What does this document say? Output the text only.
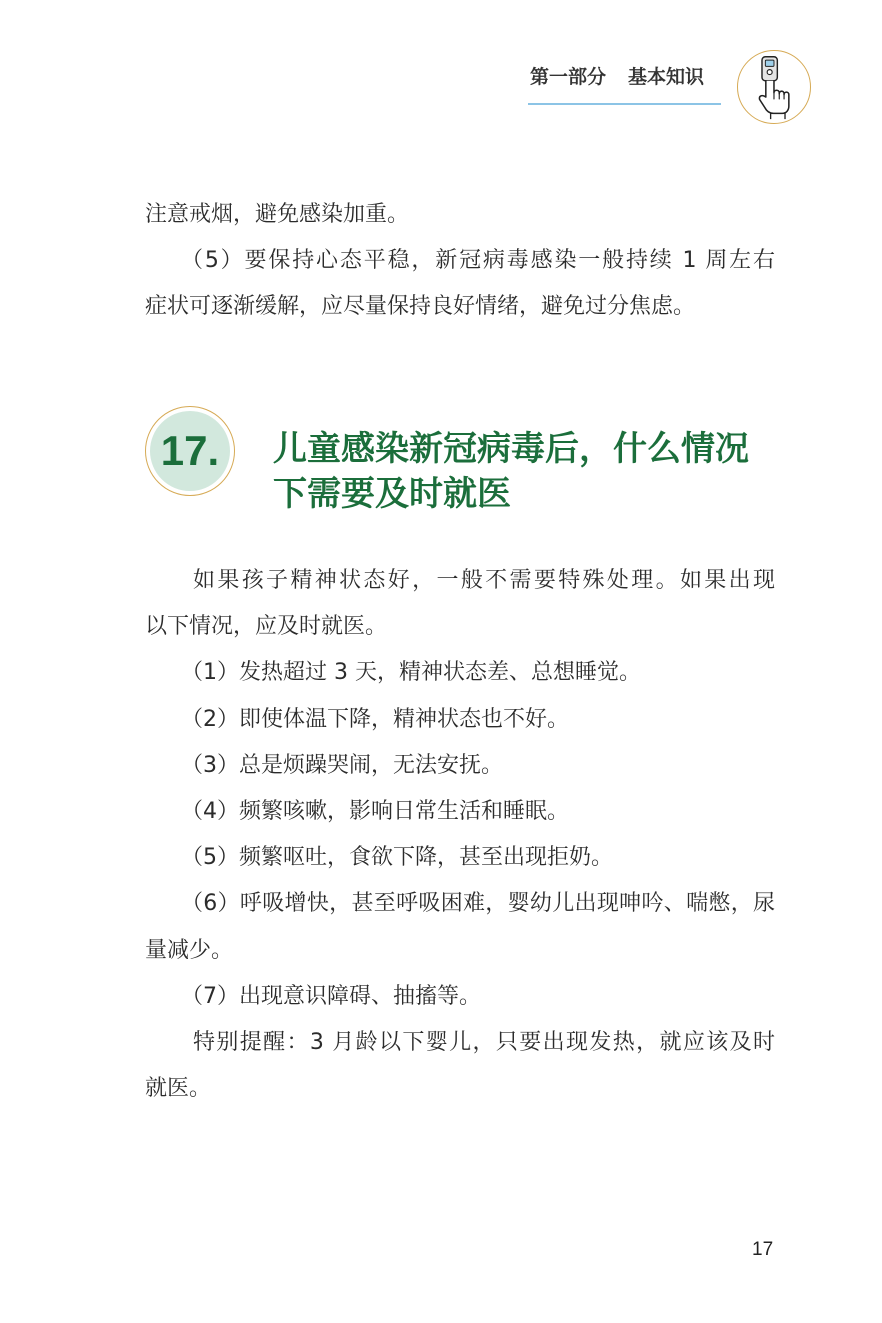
第一部分 基本知识
注意戒烟，避免感染加重。
（5）要保持心态平稳，新冠病毒感染一般持续 1 周左右
症状可逐渐缓解，应尽量保持良好情绪，避免过分焦虑。
17.	儿童感染新冠病毒后，什么情况
下需要及时就医
如果孩子精神状态好，一般不需要特殊处理。如果出现
以下情况，应及时就医。
（1）发热超过 3 天，精神状态差、总想睡觉。
（2）即使体温下降，精神状态也不好。
（3）总是烦躁哭闹，无法安抚。
（4）频繁咳嗽，影响日常生活和睡眠。
（5）频繁呕吐，食欲下降，甚至出现拒奶。
（6）呼吸增快，甚至呼吸困难，婴幼儿出现呻吟、喘憋，尿
量减少。
（7）出现意识障碍、抽搐等。
特别提醒：3 月龄以下婴儿，只要出现发热，就应该及时
就医。
17
